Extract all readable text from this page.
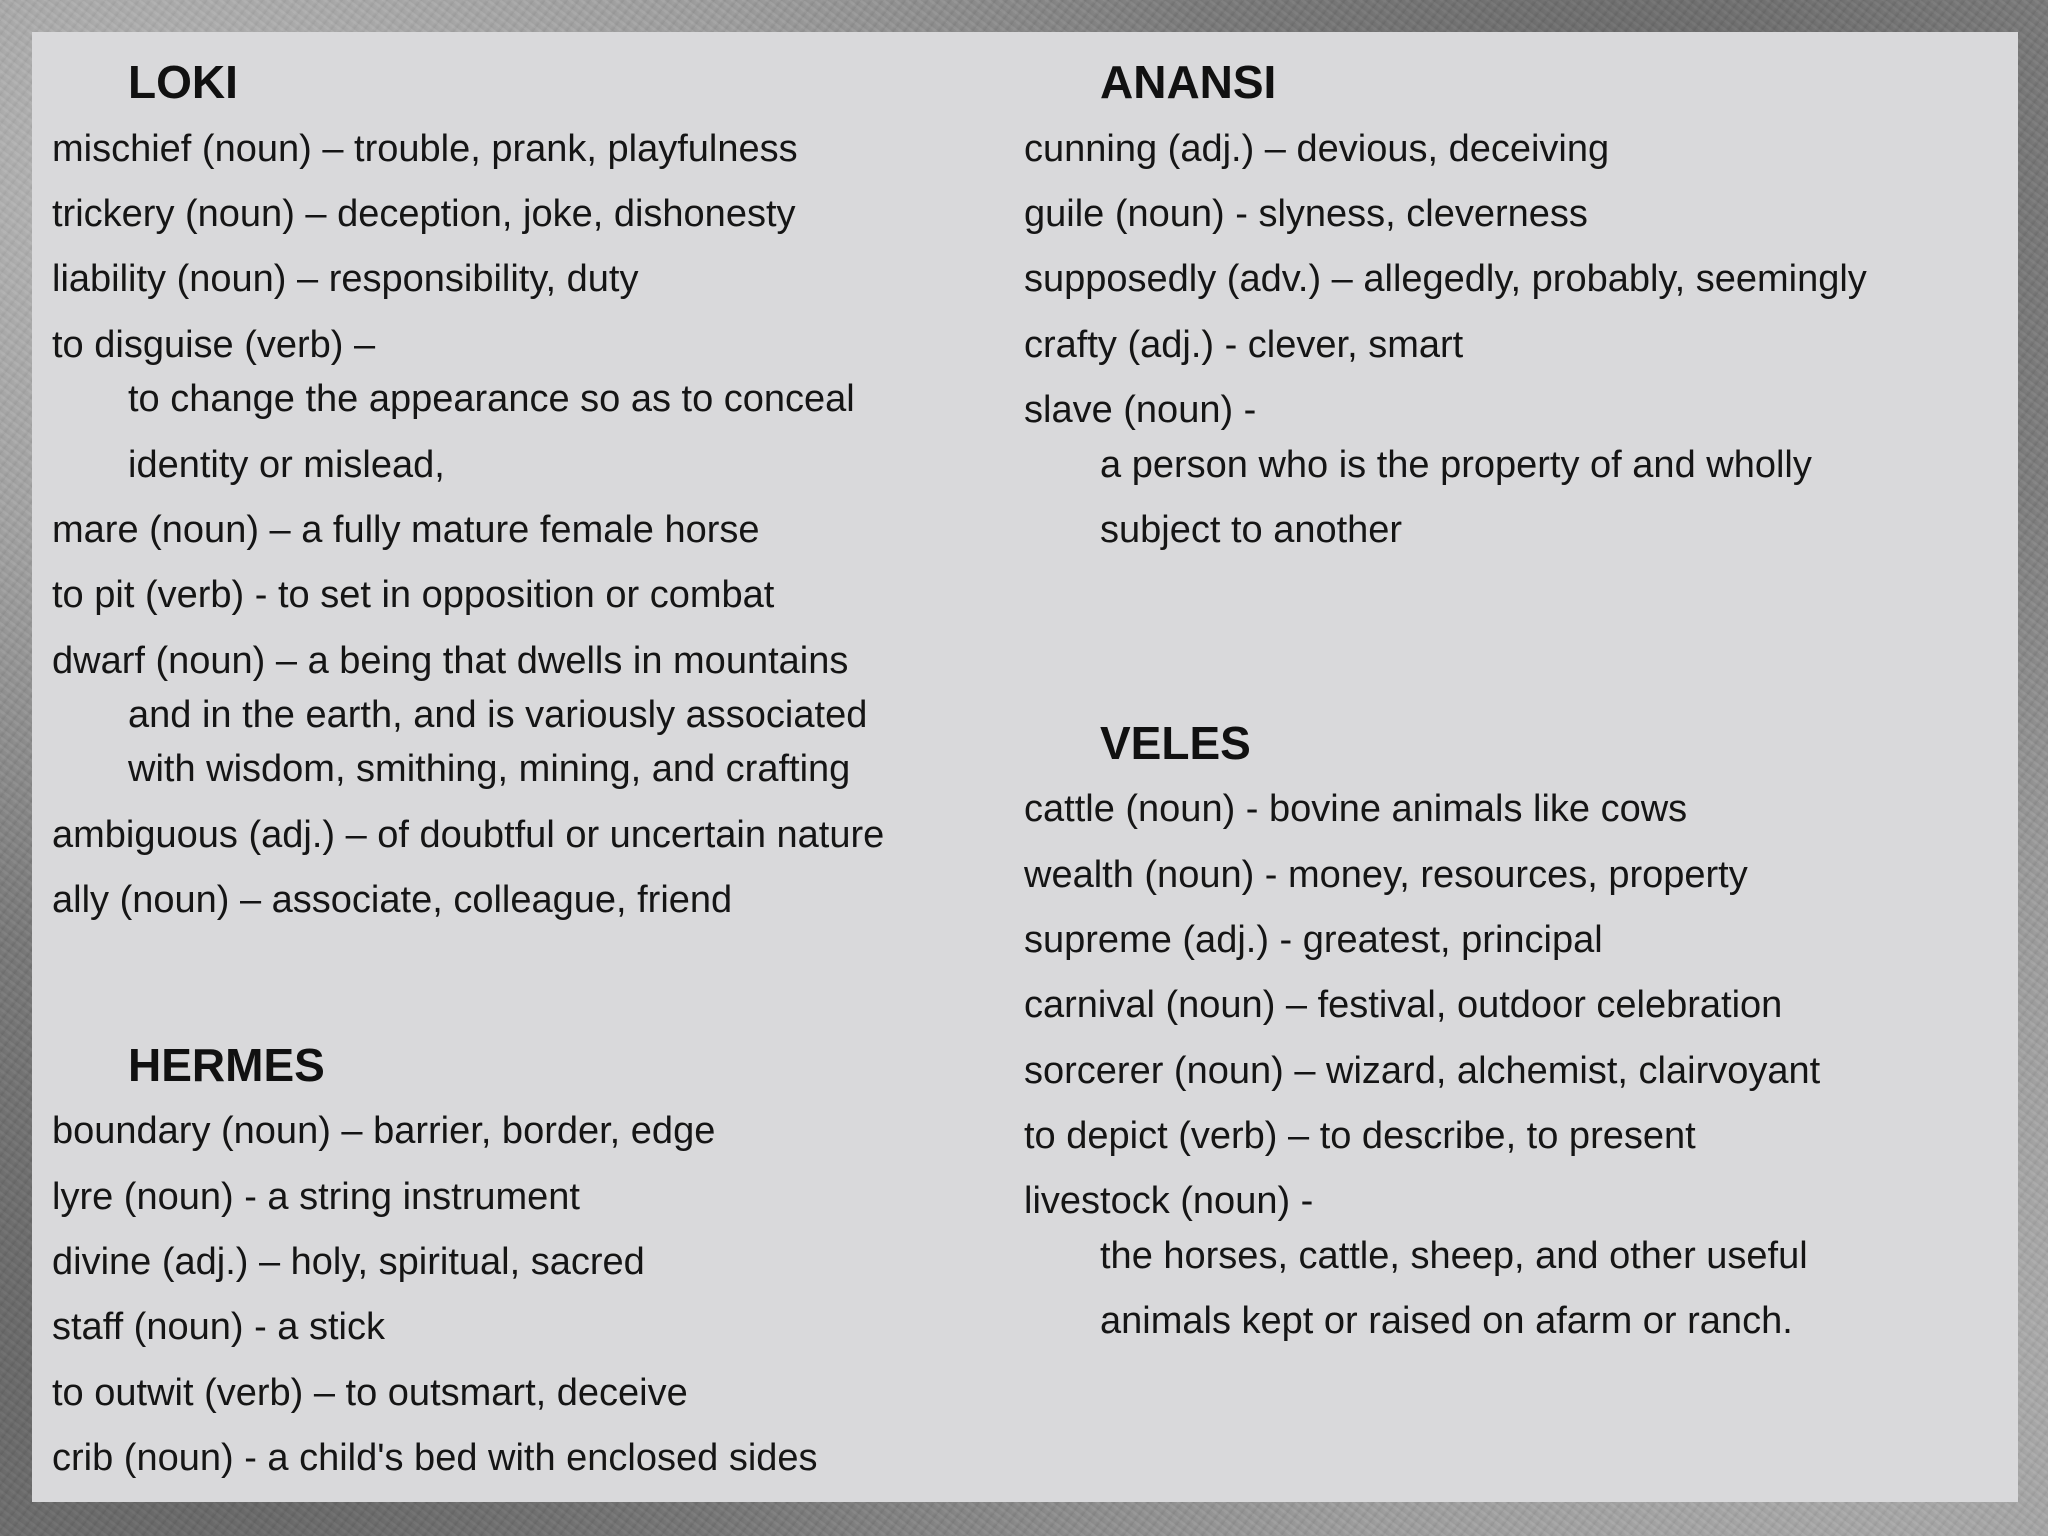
LOKI
mischief (noun) – trouble, prank, playfulness
trickery (noun) – deception, joke, dishonesty
liability (noun) – responsibility, duty
to disguise (verb) –
to change the appearance so as to conceal
identity or mislead,
mare (noun) – a fully mature female horse
to pit (verb) - to set in opposition or combat
dwarf (noun) – a being that dwells in mountains
and in the earth, and is variously associated
with wisdom, smithing, mining, and crafting
ambiguous (adj.) – of doubtful or uncertain nature
ally (noun) – associate, colleague, friend
HERMES
boundary (noun) – barrier, border, edge
lyre (noun) - a string instrument
divine (adj.) – holy, spiritual, sacred
staff (noun) - a stick
to outwit (verb) – to outsmart, deceive
crib (noun) - a child's bed with enclosed sides
ANANSI
cunning (adj.) – devious, deceiving
guile (noun) - slyness, cleverness
supposedly (adv.) – allegedly, probably, seemingly
crafty (adj.) - clever, smart
slave (noun) -
a person who is the property of and wholly
subject to another
VELES
cattle (noun) - bovine animals like cows
wealth (noun) - money, resources, property
supreme (adj.) - greatest, principal
carnival (noun) – festival, outdoor celebration
sorcerer (noun) – wizard, alchemist, clairvoyant
to depict (verb) – to describe, to present
livestock (noun) -
the horses, cattle, sheep, and other useful
animals kept or raised on afarm or ranch.
